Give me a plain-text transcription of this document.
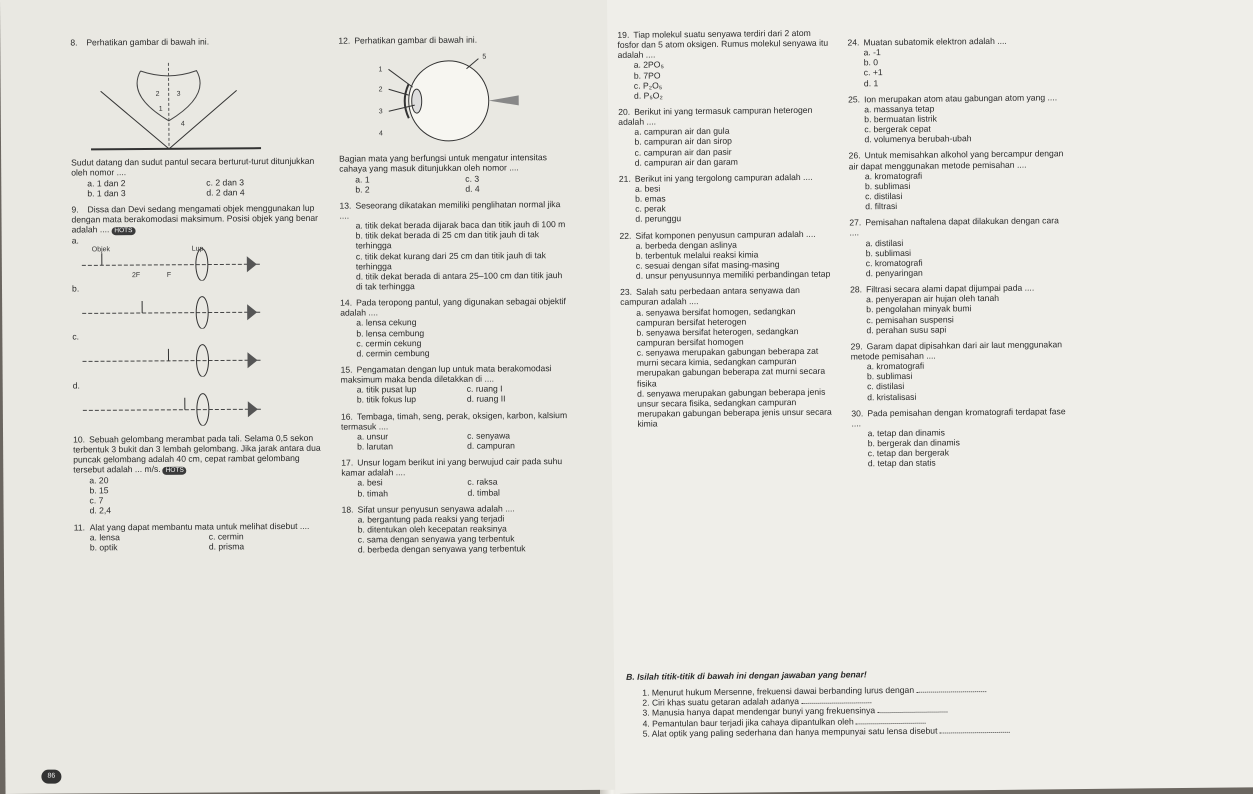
8. Perhatikan gambar di bawah ini.
1
2 3
4
Sudut datang dan sudut pantul secara berturut-turut ditunjukkan oleh nomor ....
a. 1 dan 2	c. 2 dan 3
b. 1 dan 3	d. 2 dan 4
9. Dissa dan Devi sedang mengamati objek menggunakan lup dengan mata berakomodasi maksimum. Posisi objek yang benar adalah .... HOTS
a.
Objek	Lup
2F	F
b.
c.
d.
10. Sebuah gelombang merambat pada tali. Selama 0,5 sekon terbentuk 3 bukit dan 3 lembah gelombang. Jika jarak antara dua puncak gelombang adalah 40 cm, cepat rambat gelombang tersebut adalah ... m/s. HOTS
a. 20
b. 15
c. 7
d. 2,4
11. Alat yang dapat membantu mata untuk melihat disebut ....
a. lensa	c. cermin
b. optik	d. prisma
12. Perhatikan gambar di bawah ini.
1
2
3
4
5
Bagian mata yang berfungsi untuk mengatur intensitas cahaya yang masuk ditunjukkan oleh nomor ....
a. 1	c. 3
b. 2	d. 4
13. Seseorang dikatakan memiliki penglihatan normal jika ....
a. titik dekat berada dijarak baca dan titik jauh di 100 m
b. titik dekat berada di 25 cm dan titik jauh di tak terhingga
c. titik dekat kurang dari 25 cm dan titik jauh di tak terhingga
d. titik dekat berada di antara 25–100 cm dan titik jauh di tak terhingga
14. Pada teropong pantul, yang digunakan sebagai objektif adalah ....
a. lensa cekung
b. lensa cembung
c. cermin cekung
d. cermin cembung
15. Pengamatan dengan lup untuk mata berakomodasi maksimum maka benda diletakkan di ....
a. titik pusat lup	c. ruang I
b. titik fokus lup	d. ruang II
16. Tembaga, timah, seng, perak, oksigen, karbon, kalsium termasuk ....
a. unsur	c. senyawa
b. larutan	d. campuran
17. Unsur logam berikut ini yang berwujud cair pada suhu kamar adalah ....
a. besi	c. raksa
b. timah	d. timbal
18. Sifat unsur penyusun senyawa adalah ....
a. bergantung pada reaksi yang terjadi
b. ditentukan oleh kecepatan reaksinya
c. sama dengan senyawa yang terbentuk
d. berbeda dengan senyawa yang terbentuk
86
19. Tiap molekul suatu senyawa terdiri dari 2 atom fosfor dan 5 atom oksigen. Rumus molekul senyawa itu adalah ....
a. 2PO₅
b. 7PO
c. P₂O₅
d. P₅O₂
20. Berikut ini yang termasuk campuran heterogen adalah ....
a. campuran air dan gula
b. campuran air dan sirop
c. campuran air dan pasir
d. campuran air dan garam
21. Berikut ini yang tergolong campuran adalah ....
a. besi
b. emas
c. perak
d. perunggu
22. Sifat komponen penyusun campuran adalah ....
a. berbeda dengan aslinya
b. terbentuk melalui reaksi kimia
c. sesuai dengan sifat masing-masing
d. unsur penyusunnya memiliki perbandingan tetap
23. Salah satu perbedaan antara senyawa dan campuran adalah ....
a. senyawa bersifat homogen, sedangkan campuran bersifat heterogen
b. senyawa bersifat heterogen, sedangkan campuran bersifat homogen
c. senyawa merupakan gabungan beberapa zat murni secara kimia, sedangkan campuran merupakan gabungan beberapa zat murni secara fisika
d. senyawa merupakan gabungan beberapa jenis unsur secara fisika, sedangkan campuran merupakan gabungan beberapa jenis unsur secara kimia
24. Muatan subatomik elektron adalah ....
a. -1
b. 0
c. +1
d. 1
25. Ion merupakan atom atau gabungan atom yang ....
a. massanya tetap
b. bermuatan listrik
c. bergerak cepat
d. volumenya berubah-ubah
26. Untuk memisahkan alkohol yang bercampur dengan air dapat menggunakan metode pemisahan ....
a. kromatografi
b. sublimasi
c. distilasi
d. filtrasi
27. Pemisahan naftalena dapat dilakukan dengan cara ....
a. distilasi
b. sublimasi
c. kromatografi
d. penyaringan
28. Filtrasi secara alami dapat dijumpai pada ....
a. penyerapan air hujan oleh tanah
b. pengolahan minyak bumi
c. pemisahan suspensi
d. perahan susu sapi
29. Garam dapat dipisahkan dari air laut menggunakan metode pemisahan ....
a. kromatografi
b. sublimasi
c. distilasi
d. kristalisasi
30. Pada pemisahan dengan kromatografi terdapat fase ....
a. tetap dan dinamis
b. bergerak dan dinamis
c. tetap dan bergerak
d. tetap dan statis
B. Isilah titik-titik di bawah ini dengan jawaban yang benar!
1. Menurut hukum Mersenne, frekuensi dawai berbanding lurus dengan
2. Ciri khas suatu getaran adalah adanya
3. Manusia hanya dapat mendengar bunyi yang frekuensinya
4. Pemantulan baur terjadi jika cahaya dipantulkan oleh
5. Alat optik yang paling sederhana dan hanya mempunyai satu lensa disebut
